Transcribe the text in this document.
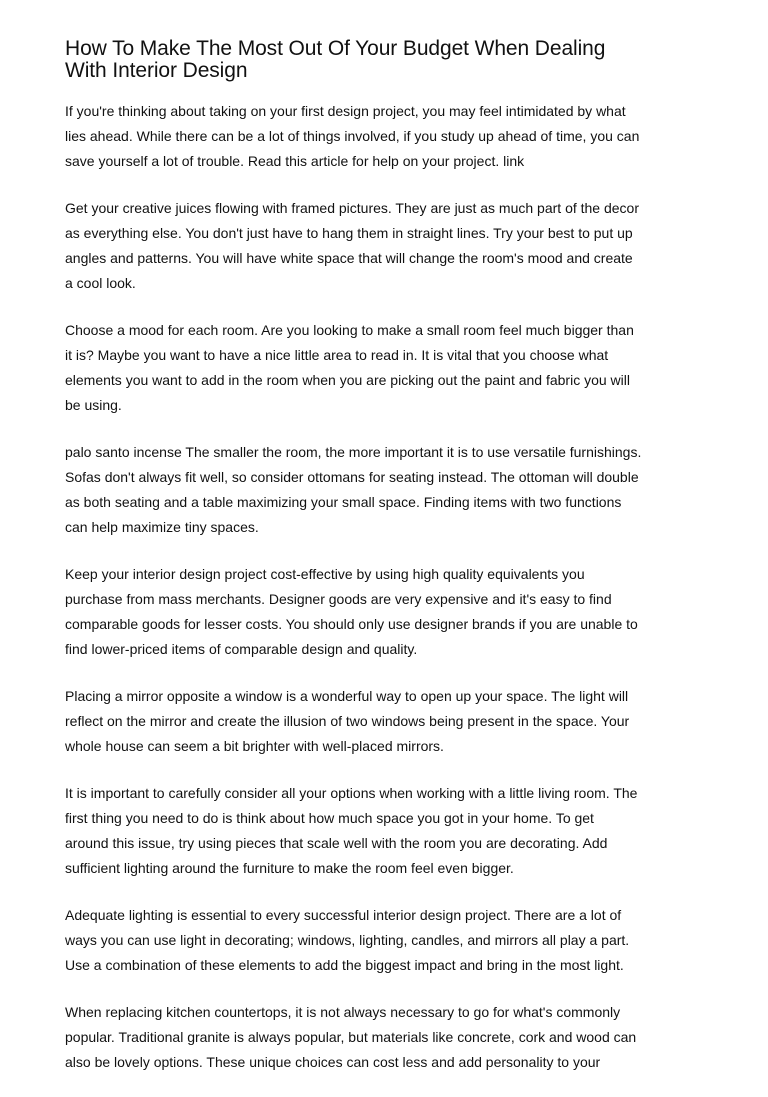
How To Make The Most Out Of Your Budget When Dealing
With Interior Design
If you're thinking about taking on your first design project, you may feel intimidated by what
lies ahead. While there can be a lot of things involved, if you study up ahead of time, you can
save yourself a lot of trouble. Read this article for help on your project. link
Get your creative juices flowing with framed pictures. They are just as much part of the decor
as everything else. You don't just have to hang them in straight lines. Try your best to put up
angles and patterns. You will have white space that will change the room's mood and create
a cool look.
Choose a mood for each room. Are you looking to make a small room feel much bigger than
it is? Maybe you want to have a nice little area to read in. It is vital that you choose what
elements you want to add in the room when you are picking out the paint and fabric you will
be using.
palo santo incense The smaller the room, the more important it is to use versatile furnishings.
Sofas don't always fit well, so consider ottomans for seating instead. The ottoman will double
as both seating and a table maximizing your small space. Finding items with two functions
can help maximize tiny spaces.
Keep your interior design project cost-effective by using high quality equivalents you
purchase from mass merchants. Designer goods are very expensive and it's easy to find
comparable goods for lesser costs. You should only use designer brands if you are unable to
find lower-priced items of comparable design and quality.
Placing a mirror opposite a window is a wonderful way to open up your space. The light will
reflect on the mirror and create the illusion of two windows being present in the space. Your
whole house can seem a bit brighter with well-placed mirrors.
It is important to carefully consider all your options when working with a little living room. The
first thing you need to do is think about how much space you got in your home. To get
around this issue, try using pieces that scale well with the room you are decorating. Add
sufficient lighting around the furniture to make the room feel even bigger.
Adequate lighting is essential to every successful interior design project. There are a lot of
ways you can use light in decorating; windows, lighting, candles, and mirrors all play a part.
Use a combination of these elements to add the biggest impact and bring in the most light.
When replacing kitchen countertops, it is not always necessary to go for what's commonly
popular. Traditional granite is always popular, but materials like concrete, cork and wood can
also be lovely options. These unique choices can cost less and add personality to your
